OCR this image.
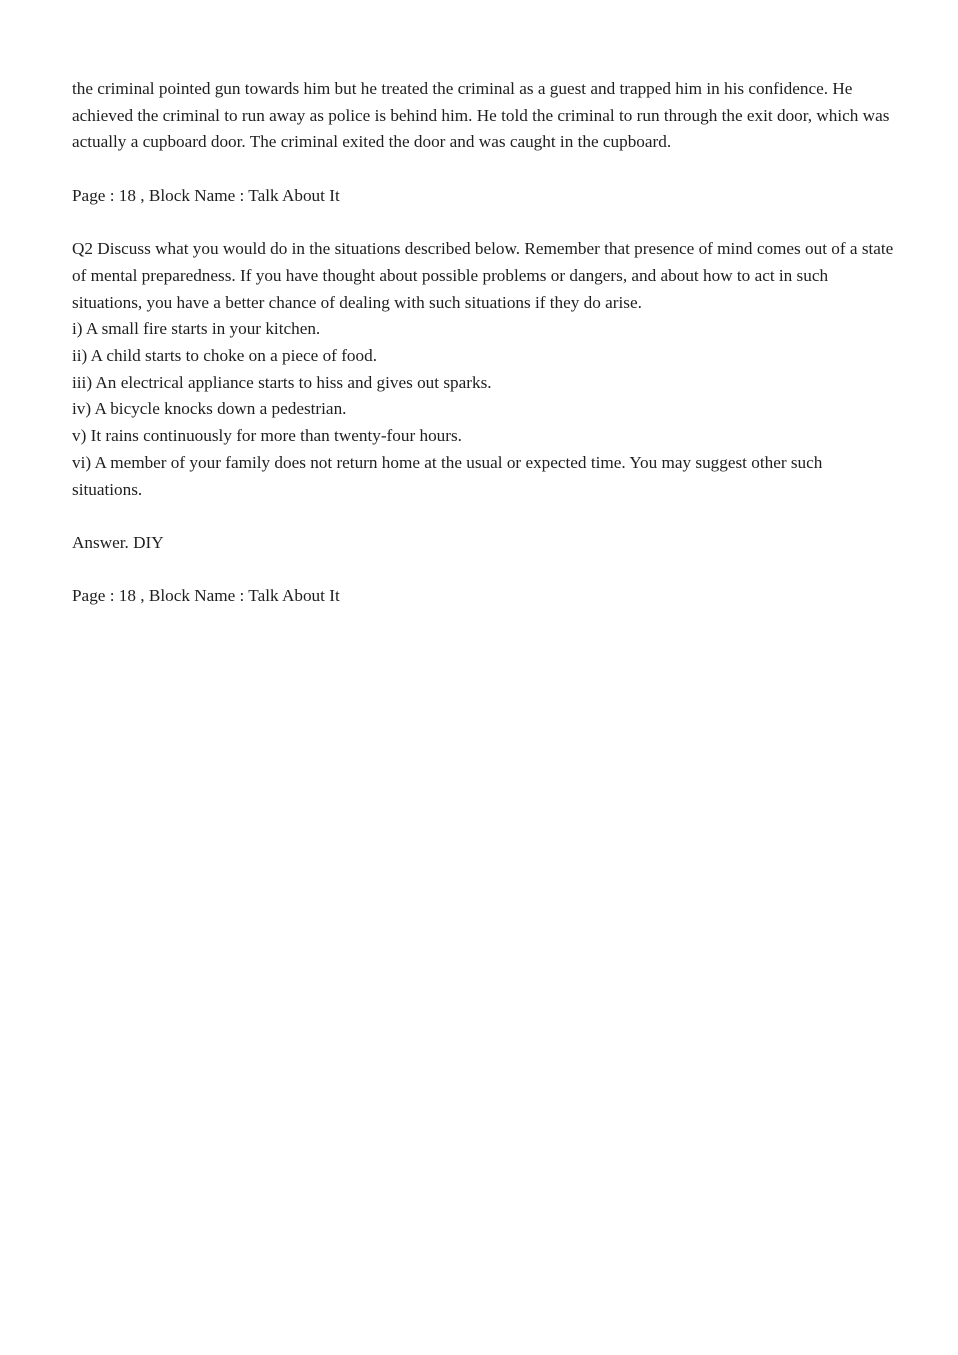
the criminal pointed gun towards him but he treated the criminal as a guest and trapped him in his confidence. He achieved the criminal to run away as police is behind him. He told the criminal to run through the exit door, which was actually a cupboard door. The criminal exited the door and was caught in the cupboard.
Page : 18 , Block Name : Talk About It
Q2 Discuss what you would do in the situations described below. Remember that presence of mind comes out of a state of mental preparedness. If you have thought about possible problems or dangers, and about how to act in such situations, you have a better chance of dealing with such situations if they do arise.
i) A small fire starts in your kitchen.
ii) A child starts to choke on a piece of food.
iii) An electrical appliance starts to hiss and gives out sparks.
iv) A bicycle knocks down a pedestrian.
v) It rains continuously for more than twenty-four hours.
vi) A member of your family does not return home at the usual or expected time. You may suggest other such situations.
Answer. DIY
Page : 18 , Block Name : Talk About It
